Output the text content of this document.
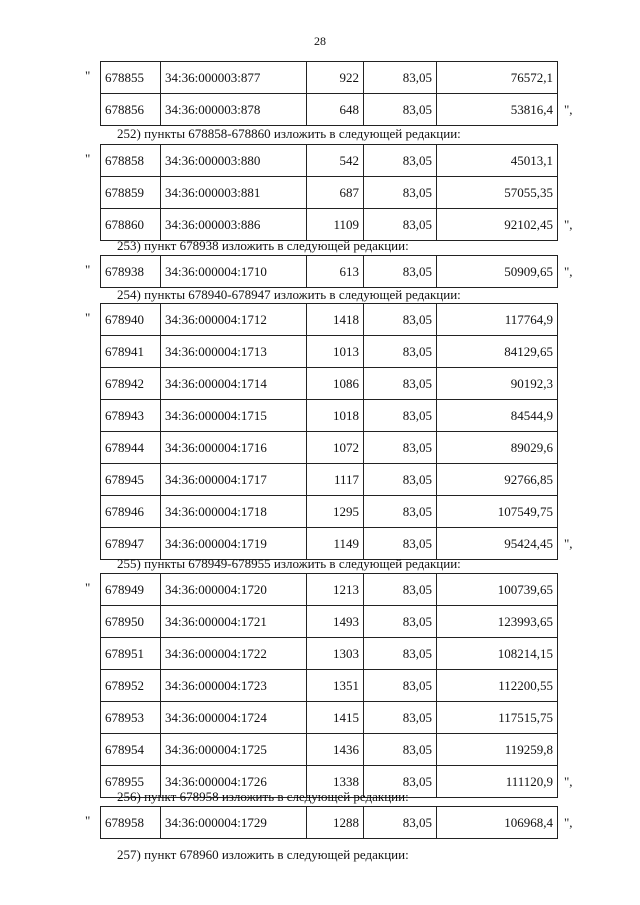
28
678855	34:36:000003:877	922	83,05	76572,1
678856	34:36:000003:878	648	83,05	53816,4
"
",
252) пункты 678858-678860 изложить в следующей редакции:
678858	34:36:000003:880	542	83,05	45013,1
678859	34:36:000003:881	687	83,05	57055,35
678860	34:36:000003:886	1109	83,05	92102,45
"
",
253) пункт 678938 изложить в следующей редакции:
678938	34:36:000004:1710	613	83,05	50909,65
"	",
254) пункты 678940-678947 изложить в следующей редакции:
678940	34:36:000004:1712	1418	83,05	117764,9
678941	34:36:000004:1713	1013	83,05	84129,65
678942	34:36:000004:1714	1086	83,05	90192,3
678943	34:36:000004:1715	1018	83,05	84544,9
678944	34:36:000004:1716	1072	83,05	89029,6
678945	34:36:000004:1717	1117	83,05	92766,85
678946	34:36:000004:1718	1295	83,05	107549,75
678947	34:36:000004:1719	1149	83,05	95424,45
"
",
255) пункты 678949-678955 изложить в следующей редакции:
678949	34:36:000004:1720	1213	83,05	100739,65
678950	34:36:000004:1721	1493	83,05	123993,65
678951	34:36:000004:1722	1303	83,05	108214,15
678952	34:36:000004:1723	1351	83,05	112200,55
678953	34:36:000004:1724	1415	83,05	117515,75
678954	34:36:000004:1725	1436	83,05	119259,8
678955	34:36:000004:1726	1338	83,05	111120,9
"
",
256) пункт 678958 изложить в следующей редакции:
678958	34:36:000004:1729	1288	83,05	106968,4
"	",
257) пункт 678960 изложить в следующей редакции:
